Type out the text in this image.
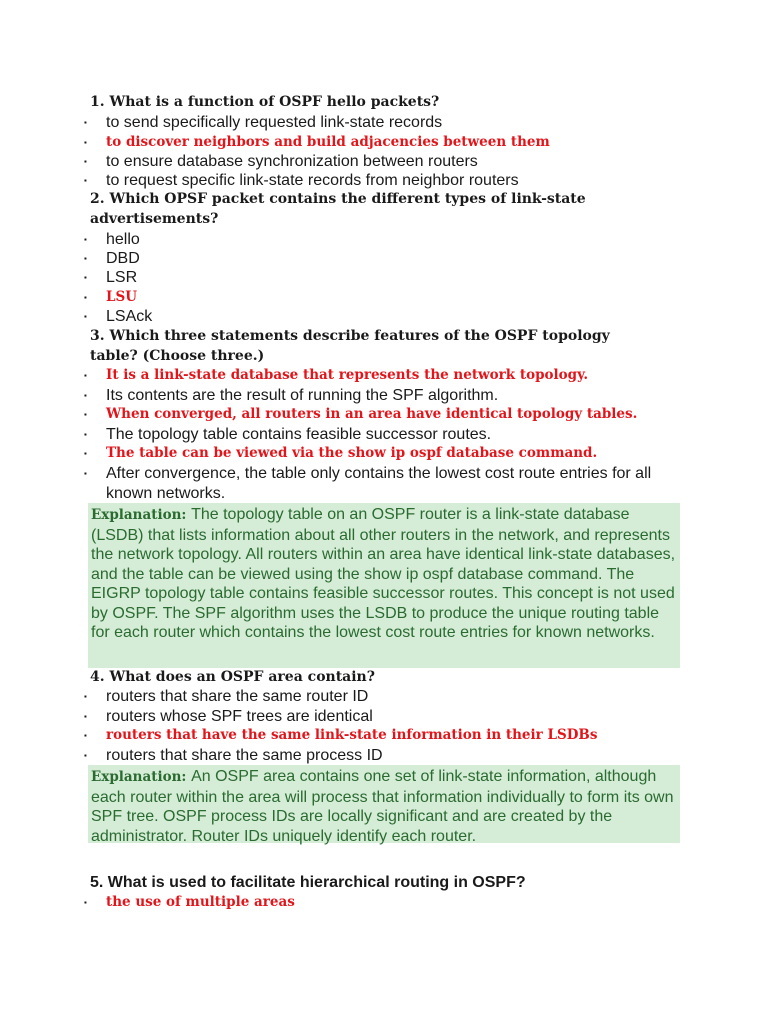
1. What is a function of OSPF hello packets?
▪	to send specifically requested link-state records
▪	to discover neighbors and build adjacencies between them
▪	to ensure database synchronization between routers
▪	to request specific link-state records from neighbor routers
2. Which OPSF packet contains the different types of link-state advertisements?
▪	hello
▪	DBD
▪	LSR
▪	LSU
▪	LSAck
3. Which three statements describe features of the OSPF topology table? (Choose three.)
▪	It is a link-state database that represents the network topology.
▪	Its contents are the result of running the SPF algorithm.
▪	When converged, all routers in an area have identical topology tables.
▪	The topology table contains feasible successor routes.
▪	The table can be viewed via the show ip ospf database command.
▪	After convergence, the table only contains the lowest cost route entries for all known networks.
Explanation: The topology table on an OSPF router is a link-state database (LSDB) that lists information about all other routers in the network, and represents the network topology. All routers within an area have identical link-state databases, and the table can be viewed using the show ip ospf database command. The EIGRP topology table contains feasible successor routes. This concept is not used by OSPF. The SPF algorithm uses the LSDB to produce the unique routing table for each router which contains the lowest cost route entries for known networks.
4. What does an OSPF area contain?
▪	routers that share the same router ID
▪	routers whose SPF trees are identical
▪	routers that have the same link-state information in their LSDBs
▪	routers that share the same process ID
Explanation: An OSPF area contains one set of link-state information, although each router within the area will process that information individually to form its own SPF tree. OSPF process IDs are locally significant and are created by the administrator. Router IDs uniquely identify each router.
5. What is used to facilitate hierarchical routing in OSPF?
▪	the use of multiple areas
